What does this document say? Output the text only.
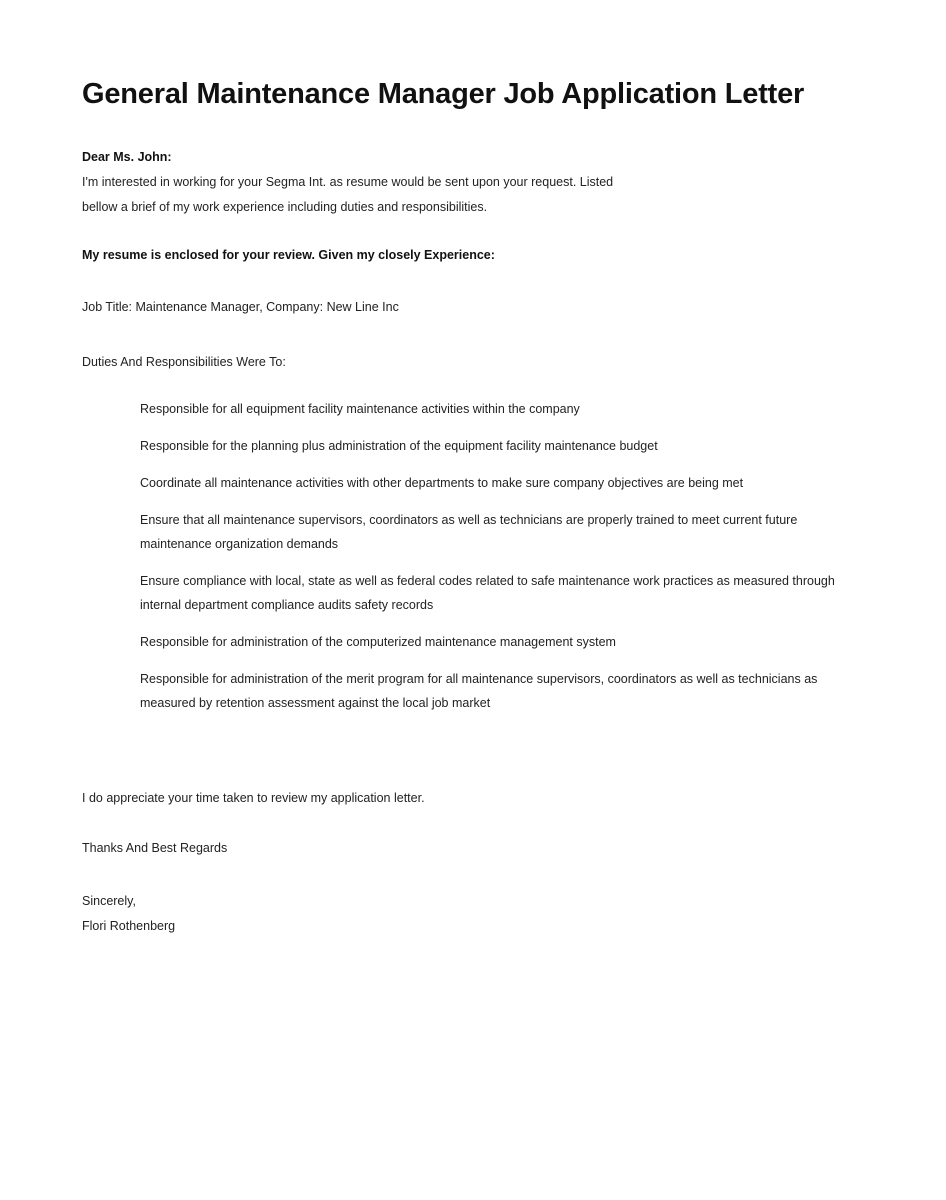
General Maintenance Manager Job Application Letter
Dear Ms. John:
I'm interested in working for your Segma Int. as resume would be sent upon your request. Listed
bellow a brief of my work experience including duties and responsibilities.
My resume is enclosed for your review. Given my closely Experience:
Job Title: Maintenance Manager, Company: New Line Inc
Duties And Responsibilities Were To:
Responsible for all equipment facility maintenance activities within the company
Responsible for the planning plus administration of the equipment facility maintenance budget
Coordinate all maintenance activities with other departments to make sure company objectives are being met
Ensure that all maintenance supervisors, coordinators as well as technicians are properly trained to meet current future maintenance organization demands
Ensure compliance with local, state as well as federal codes related to safe maintenance work practices as measured through internal department compliance audits safety records
Responsible for administration of the computerized maintenance management system
Responsible for administration of the merit program for all maintenance supervisors, coordinators as well as technicians as measured by retention assessment against the local job market
I do appreciate your time taken to review my application letter.
Thanks And Best Regards
Sincerely,
Flori Rothenberg
